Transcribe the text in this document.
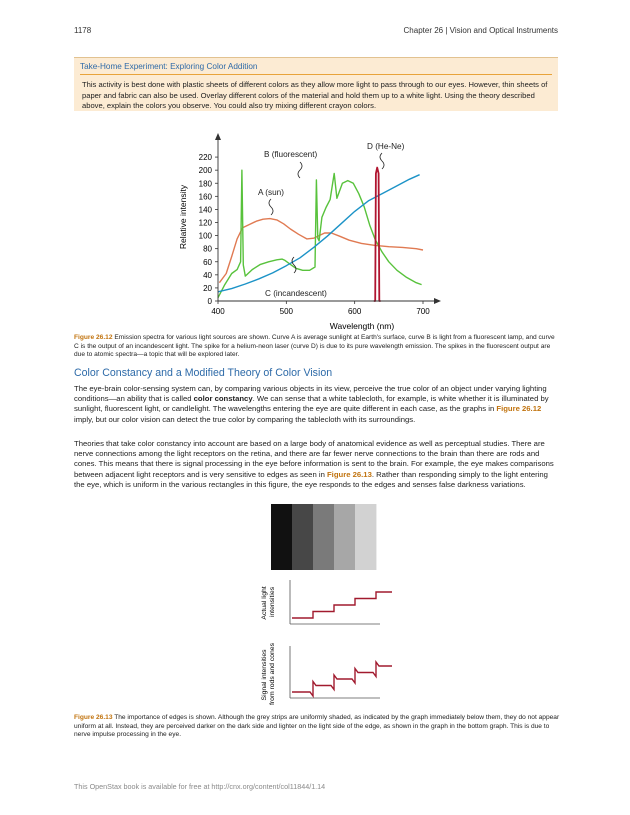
1178	Chapter 26 | Vision and Optical Instruments
Take-Home Experiment: Exploring Color Addition
This activity is best done with plastic sheets of different colors as they allow more light to pass through to our eyes. However, thin sheets of paper and fabric can also be used. Overlay different colors of the material and hold them up to a white light. Using the theory described above, explain the colors you observe. You could also try mixing different crayon colors.
0
20
40
60
80
100
120
140
160
180
200
220
400	500	600	700
Relative intensity
Wavelength (nm)
A (sun)
B (fluorescent)
C (incandescent)
D (He-Ne)
Figure 26.12 Emission spectra for various light sources are shown. Curve A is average sunlight at Earth's surface, curve B is light from a fluorescent lamp, and curve C is the output of an incandescent light. The spike for a helium-neon laser (curve D) is due to its pure wavelength emission. The spikes in the fluorescent output are due to atomic spectra—a topic that will be explored later.
Color Constancy and a Modified Theory of Color Vision
The eye-brain color-sensing system can, by comparing various objects in its view, perceive the true color of an object under varying lighting conditions—an ability that is called color constancy. We can sense that a white tablecloth, for example, is white whether it is illuminated by sunlight, fluorescent light, or candlelight. The wavelengths entering the eye are quite different in each case, as the graphs in Figure 26.12 imply, but our color vision can detect the true color by comparing the tablecloth with its surroundings.
Theories that take color constancy into account are based on a large body of anatomical evidence as well as perceptual studies. There are nerve connections among the light receptors on the retina, and there are far fewer nerve connections to the brain than there are rods and cones. This means that there is signal processing in the eye before information is sent to the brain. For example, the eye makes comparisons between adjacent light receptors and is very sensitive to edges as seen in Figure 26.13. Rather than responding simply to the light entering the eye, which is uniform in the various rectangles in this figure, the eye responds to the edges and senses false darkness variations.
Actual light intensities
Signal intensities from rods and cones
Figure 26.13 The importance of edges is shown. Although the grey strips are uniformly shaded, as indicated by the graph immediately below them, they do not appear uniform at all. Instead, they are perceived darker on the dark side and lighter on the light side of the edge, as shown in the graph in the bottom graph. This is due to nerve impulse processing in the eye.
This OpenStax book is available for free at http://cnx.org/content/col11844/1.14
